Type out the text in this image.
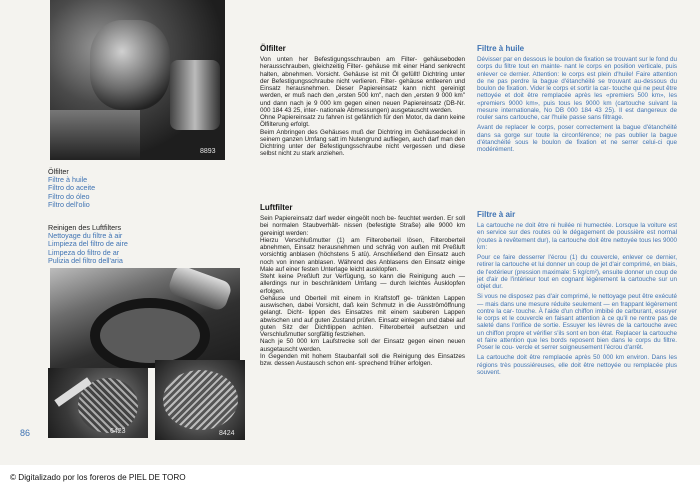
8893
Ölfilter
Filtre à huile
Filtro do aceite
Filtro do óleo
Filtro dell'olio
Reinigen des Luftfilters
Nettoyage du filtre à air
Limpieza del filtro de aire
Limpeza do filtro de ar
Pulizia del filtro dell'aria
6423	8424
86
Ölfilter

Von unten her Befestigungsschrauben am Filter- gehäuseboden herausschrauben, gleichzeitig Filter- gehäuse mit einer Hand senkrecht halten, abnehmen. Vorsicht. Gehäuse ist mit Öl gefüllt! Dichtring unter der Befestigungsschraube nicht verlieren. Filter- gehäuse entleeren und Einsatz herausnehmen. Dieser Papiereinsatz kann nicht gereinigt werden, er muß nach den „ersten 500 km", nach den „ersten 9 000 km" und dann nach je 9 000 km gegen einen neuen Papiereinsatz (DB-Nr. 000 184 43 25, inter- nationale Abmessungen) ausgetauscht werden.

Ohne Papiereinsatz zu fahren ist gefährlich für den Motor, da dann keine Ölfilterung erfolgt.

Beim Anbringen des Gehäuses muß der Dichtring im Gehäusedeckel in seinem ganzen Umfang satt im Nutengrund aufliegen, auch darf man den Dichtring unter der Befestigungsschraube nicht vergessen und diese selbst nicht zu stark anziehen.

Luftfilter

Sein Papiereinsatz darf weder eingeölt noch be- feuchtet werden. Er soll bei normalen Staubverhält- nissen (befestigte Straße) alle 9000 km gereinigt werden:

Hierzu Verschlußmutter (1) am Filteroberteil lösen, Filteroberteil abnehmen, Einsatz herausnehmen und schräg von außen mit Preßluft vorsichtig anblasen (höchstens 5 atü). Anschließend den Einsatz auch noch von innen anblasen. Während des Anblasens den Einsatz einige Male auf einer festen Unterlage leicht ausklopfen.

Steht keine Preßluft zur Verfügung, so kann die Reinigung auch — allerdings nur in beschränktem Umfang — durch leichtes Ausklopfen erfolgen.

Gehäuse und Oberteil mit einem in Kraftstoff ge- tränkten Lappen auswischen, dabei Vorsicht, daß kein Schmutz in die Ausströmöffnung gelangt. Dicht- lippen des Einsatzes mit einem sauberen Lappen abwischen und auf guten Zustand prüfen. Einsatz einlegen und dabei auf guten Sitz der Dichtlippen achten. Filteroberteil aufsetzen und Verschlußmutter sorgfältig festziehen.

Nach je 50 000 km Laufstrecke soll der Einsatz gegen einen neuen ausgetauscht werden.

In Gegenden mit hohem Staubanfall soll die Reinigung des Einsatzes bzw. dessen Austausch schon ent- sprechend früher erfolgen.

Filtre à huile

Dévisser par en dessous le boulon de fixation se trouvant sur le fond du corps du filtre tout en mainte- nant le corps en position verticale, puis enlever ce dernier. Attention: le corps est plein d'huile! Faire attention de ne pas perdre la bague d'étanchéité se trouvant au-dessous du boulon de fixation. Vider le corps et sortir la car- touche qui ne peut être nettoyée et doit être remplacée après les «premiers 500 km», les «premiers 9000 km», puis tous les 9000 km (cartouche suivant la mesure internationale, No DB 000 184 43 25). Il est dangereux de rouler sans cartouche, car l'huile passe sans filtrage.

Avant de replacer le corps, poser correctement la bague d'étanchéité dans sa gorge sur toute la circonférence; ne pas oublier la bague d'étanchéité sous le boulon de fixation et ne serrer celui-ci que modérément.

Filtre à air

La cartouche ne doit être ni huilée ni humectée. Lorsque la voiture est en service sur des routes où le dégagement de poussière est normal (routes à revêtement dur), la cartouche doit être nettoyée tous les 9000 km:

Pour ce faire desserrer l'écrou (1) du couvercle, enlever ce dernier, retirer la cartouche et lui donner un coup de jet d'air comprimé, en biais, de l'extérieur (pression maximale: 5 kg/cm²), ensuite donner un coup de jet d'air de l'intérieur tout en cognant légèrement la cartouche sur un objet dur.

Si vous ne disposez pas d'air comprimé, le nettoyage peut être exécuté — mais dans une mesure réduite seulement — en frappant légèrement contre la car- touche. À l'aide d'un chiffon imbibé de carburant, essuyer le corps et le couvercle en faisant attention à ce qu'il ne rentre pas de saleté dans l'orifice de sortie. Essuyer les lèvres de la cartouche avec un chiffon propre et vérifier s'ils sont en bon état. Replacer la cartouche et faire attention que les bords reposent bien dans le corps du filtre. Poser le cou- vercle et serrer soigneusement l'écrou d'arrêt.

La cartouche doit être remplacée après 50 000 km environ. Dans les régions très poussiéreuses, elle doit être nettoyée ou remplacée plus souvent.

© Digitalizado por los foreros de PIEL DE TORO
